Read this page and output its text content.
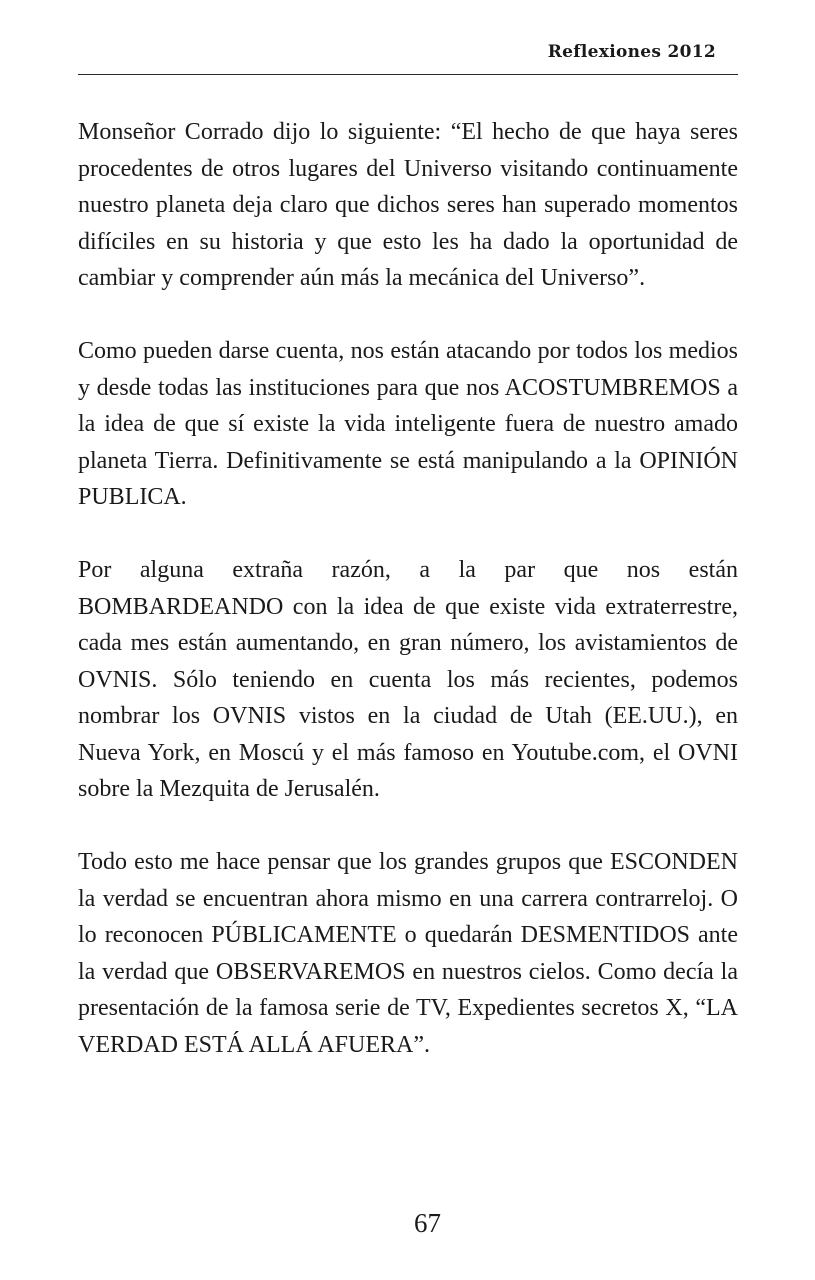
Reflexiones 2012

Monseñor Corrado dijo lo siguiente: “El hecho de que haya seres procedentes de otros lugares del Universo visitando continuamente nuestro planeta deja claro que dichos seres han superado momentos difíciles en su historia y que esto les ha dado la oportunidad de cambiar y comprender aún más la mecánica del Universo”.

Como pueden darse cuenta, nos están atacando por todos los medios y desde todas las instituciones para que nos ACOSTUMBREMOS a la idea de que sí existe la vida inteligente fuera de nuestro amado planeta Tierra. Definitivamente se está manipulando a la OPINIÓN PUBLICA.

Por alguna extraña razón, a la par que nos están BOMBARDEANDO con la idea de que existe vida extraterrestre, cada mes están aumentando, en gran número, los avistamientos de OVNIS. Sólo teniendo en cuenta los más recientes, podemos nombrar los OVNIS vistos en la ciudad de Utah (EE.UU.), en Nueva York, en Moscú y el más famoso en Youtube.com, el OVNI sobre la Mezquita de Jerusalén.

Todo esto me hace pensar que los grandes grupos que ESCONDEN la verdad se encuentran ahora mismo en una carrera contrarreloj. O lo reconocen PÚBLICAMENTE o quedarán DESMENTIDOS ante la verdad que OBSERVAREMOS en nuestros cielos. Como decía la presentación de la famosa serie de TV, Expedientes secretos X, “LA VERDAD ESTÁ ALLÁ AFUERA”.

67
